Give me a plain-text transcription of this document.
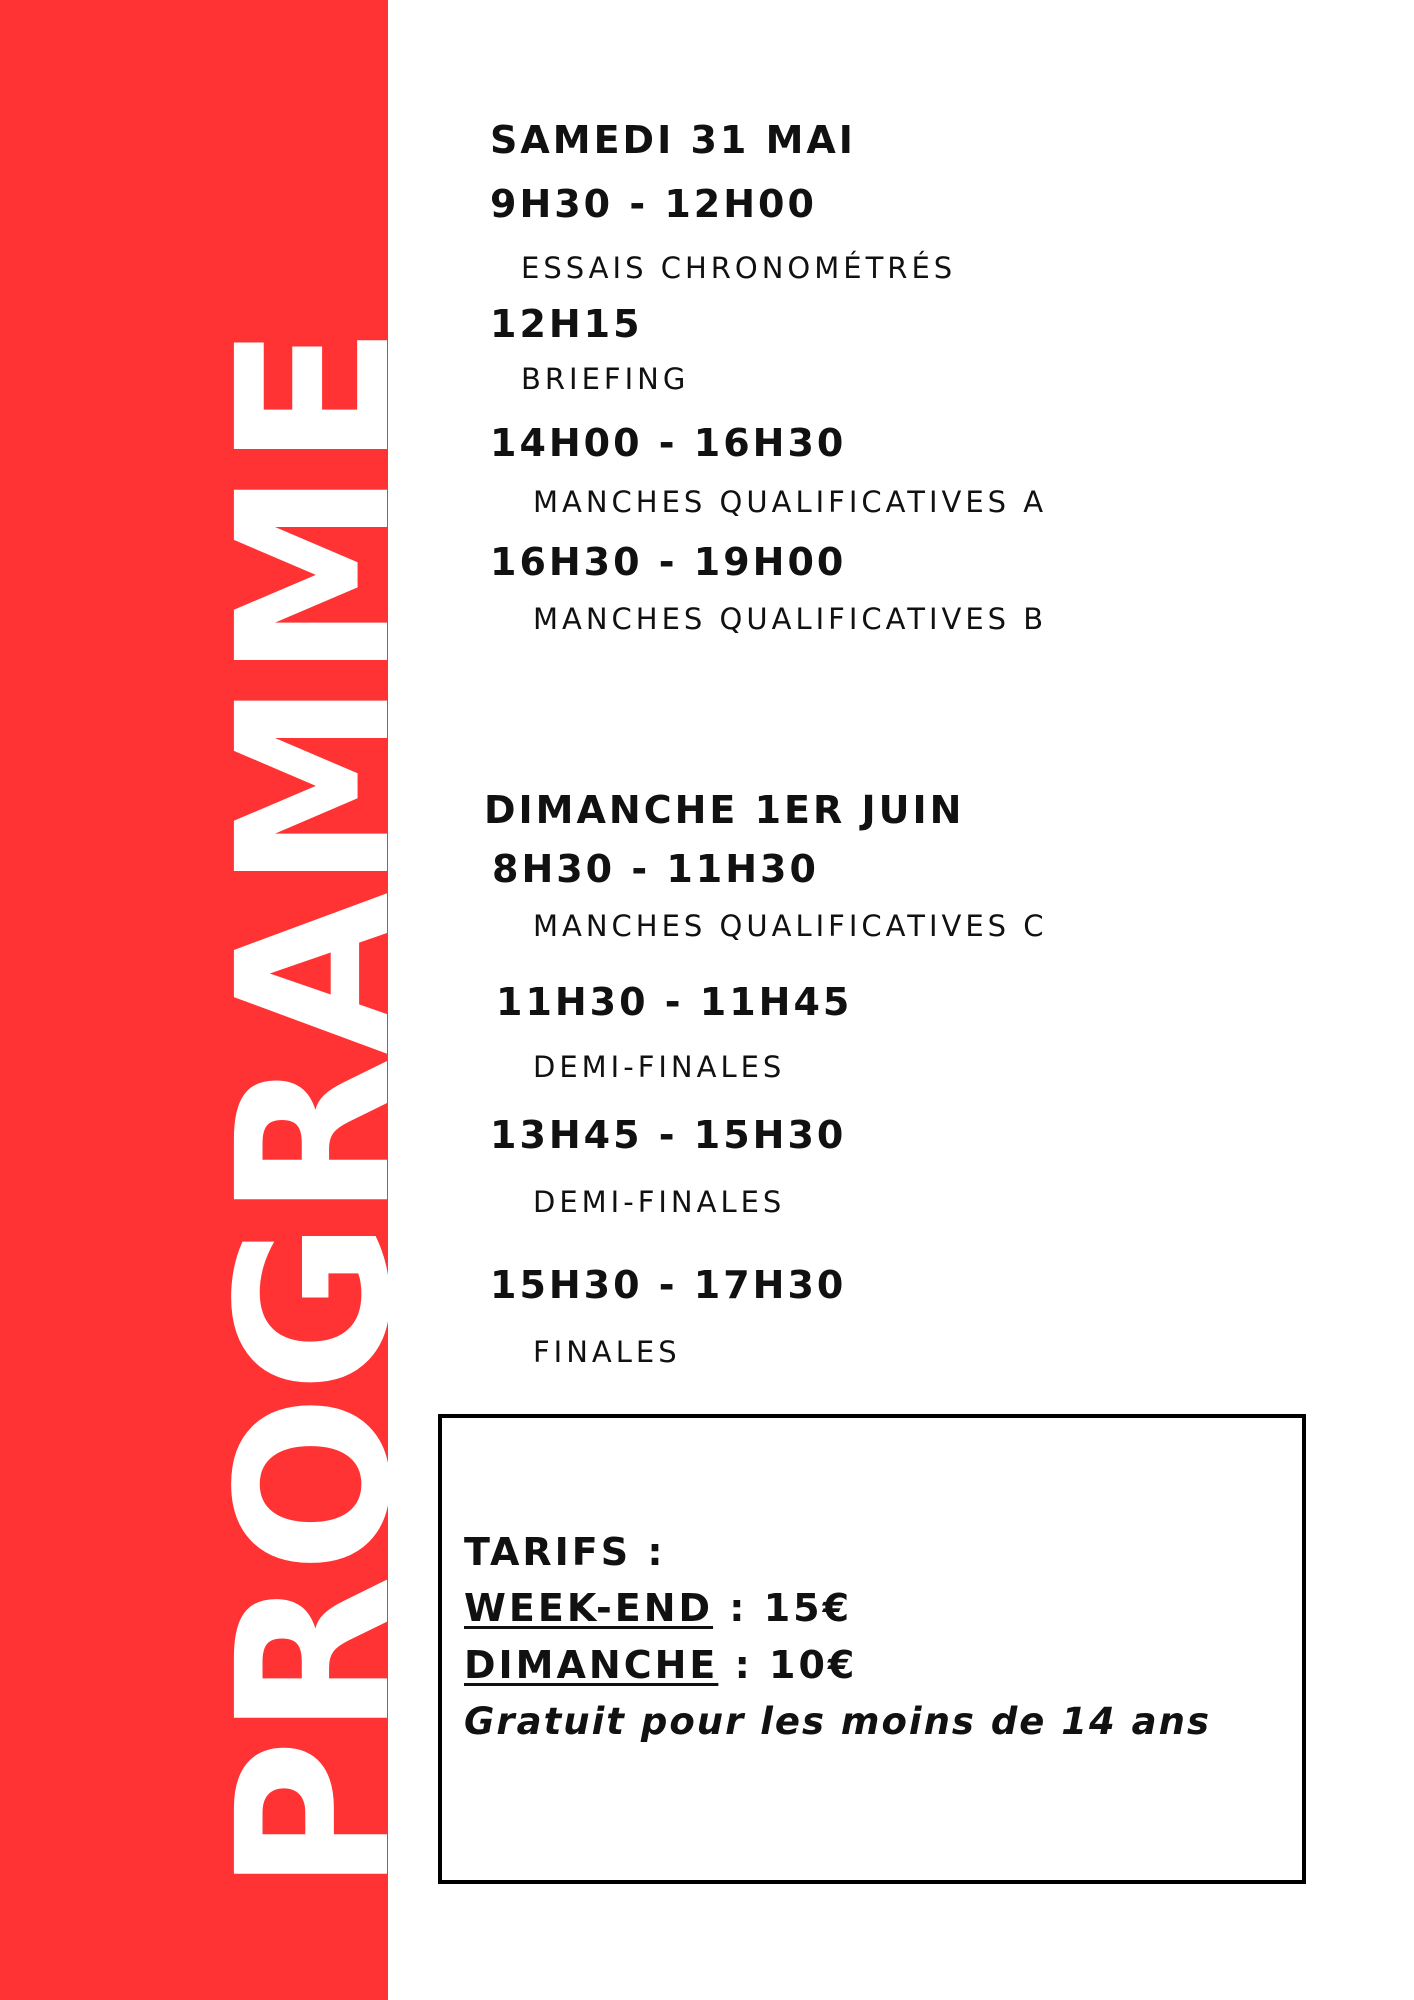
PROGRAMME
SAMEDI 31 MAI
9H30 - 12H00
ESSAIS CHRONOMÉTRÉS
12H15
BRIEFING
14H00 - 16H30
MANCHES QUALIFICATIVES A
16H30 - 19H00
MANCHES QUALIFICATIVES B
DIMANCHE 1ER JUIN
8H30 - 11H30
MANCHES QUALIFICATIVES C
11H30 - 11H45
DEMI-FINALES
13H45 - 15H30
DEMI-FINALES
15H30 - 17H30
FINALES
TARIFS :
WEEK-END : 15€
DIMANCHE : 10€
Gratuit pour les moins de 14 ans
